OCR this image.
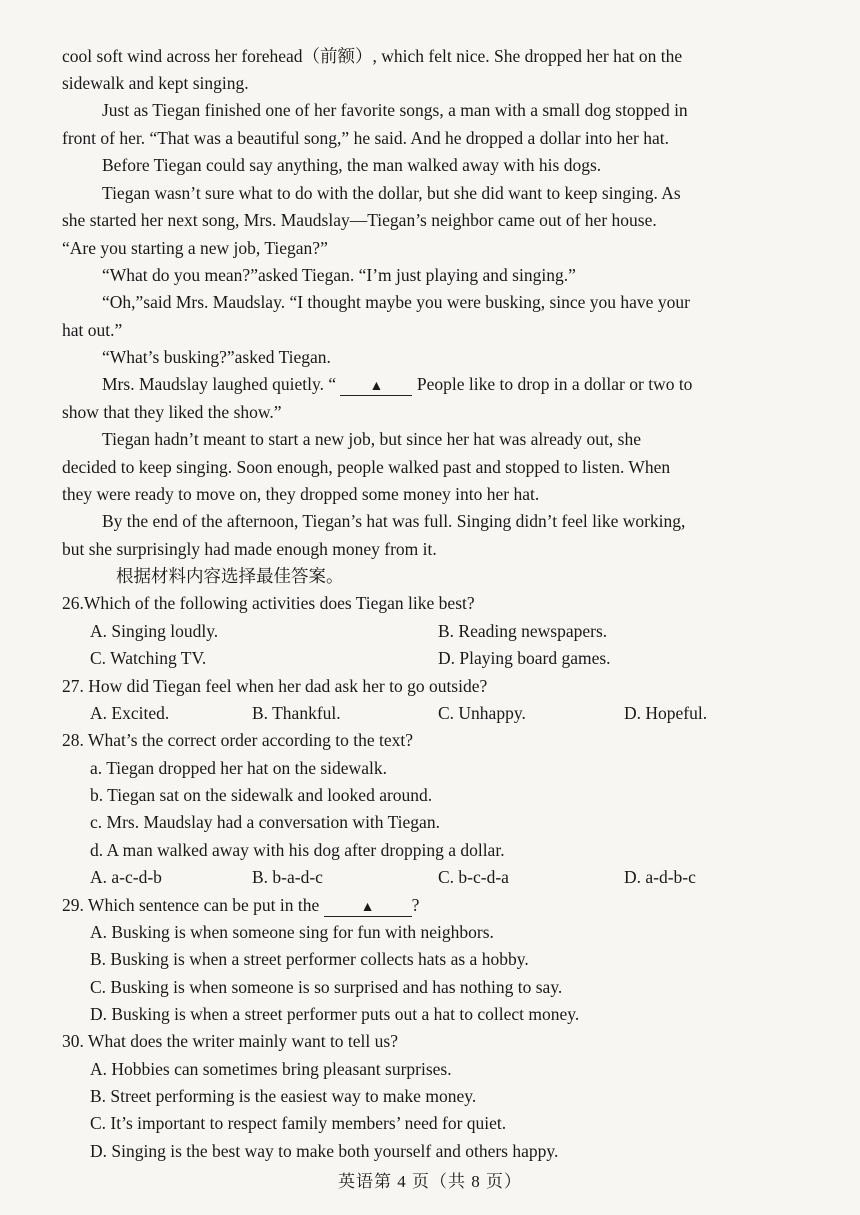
cool soft wind across her forehead（前额）, which felt nice. She dropped her hat on the
sidewalk and kept singing.
Just as Tiegan finished one of her favorite songs, a man with a small dog stopped in
front of her. “That was a beautiful song,” he said. And he dropped a dollar into her hat.
Before Tiegan could say anything, the man walked away with his dogs.
Tiegan wasn’t sure what to do with the dollar, but she did want to keep singing. As
she started her next song, Mrs. Maudslay—Tiegan’s neighbor came out of her house.
“Are you starting a new job, Tiegan?”
“What do you mean?”asked Tiegan. “I’m just playing and singing.”
“Oh,”said Mrs. Maudslay. “I thought maybe you were busking, since you have your
hat out.”
“What’s busking?”asked Tiegan.
Mrs. Maudslay laughed quietly. “ ▲ People like to drop in a dollar or two to
show that they liked the show.”
Tiegan hadn’t meant to start a new job, but since her hat was already out, she
decided to keep singing. Soon enough, people walked past and stopped to listen. When
they were ready to move on, they dropped some money into her hat.
By the end of the afternoon, Tiegan’s hat was full. Singing didn’t feel like working,
but she surprisingly had made enough money from it.
根据材料内容选择最佳答案。
26.Which of the following activities does Tiegan like best?
A. Singing loudly.	B. Reading newspapers.
C. Watching TV.	D. Playing board games.
27. How did Tiegan feel when her dad ask her to go outside?
A. Excited.	B. Thankful.	C. Unhappy.	D. Hopeful.
28. What’s the correct order according to the text?
a. Tiegan dropped her hat on the sidewalk.
b. Tiegan sat on the sidewalk and looked around.
c. Mrs. Maudslay had a conversation with Tiegan.
d. A man walked away with his dog after dropping a dollar.
A. a-c-d-b	B. b-a-d-c	C. b-c-d-a	D. a-d-b-c
29. Which sentence can be put in the	▲ ?
A. Busking is when someone sing for fun with neighbors.
B. Busking is when a street performer collects hats as a hobby.
C. Busking is when someone is so surprised and has nothing to say.
D. Busking is when a street performer puts out a hat to collect money.
30. What does the writer mainly want to tell us?
A. Hobbies can sometimes bring pleasant surprises.
B. Street performing is the easiest way to make money.
C. It’s important to respect family members’ need for quiet.
D. Singing is the best way to make both yourself and others happy.
英语第 4 页（共 8 页）
